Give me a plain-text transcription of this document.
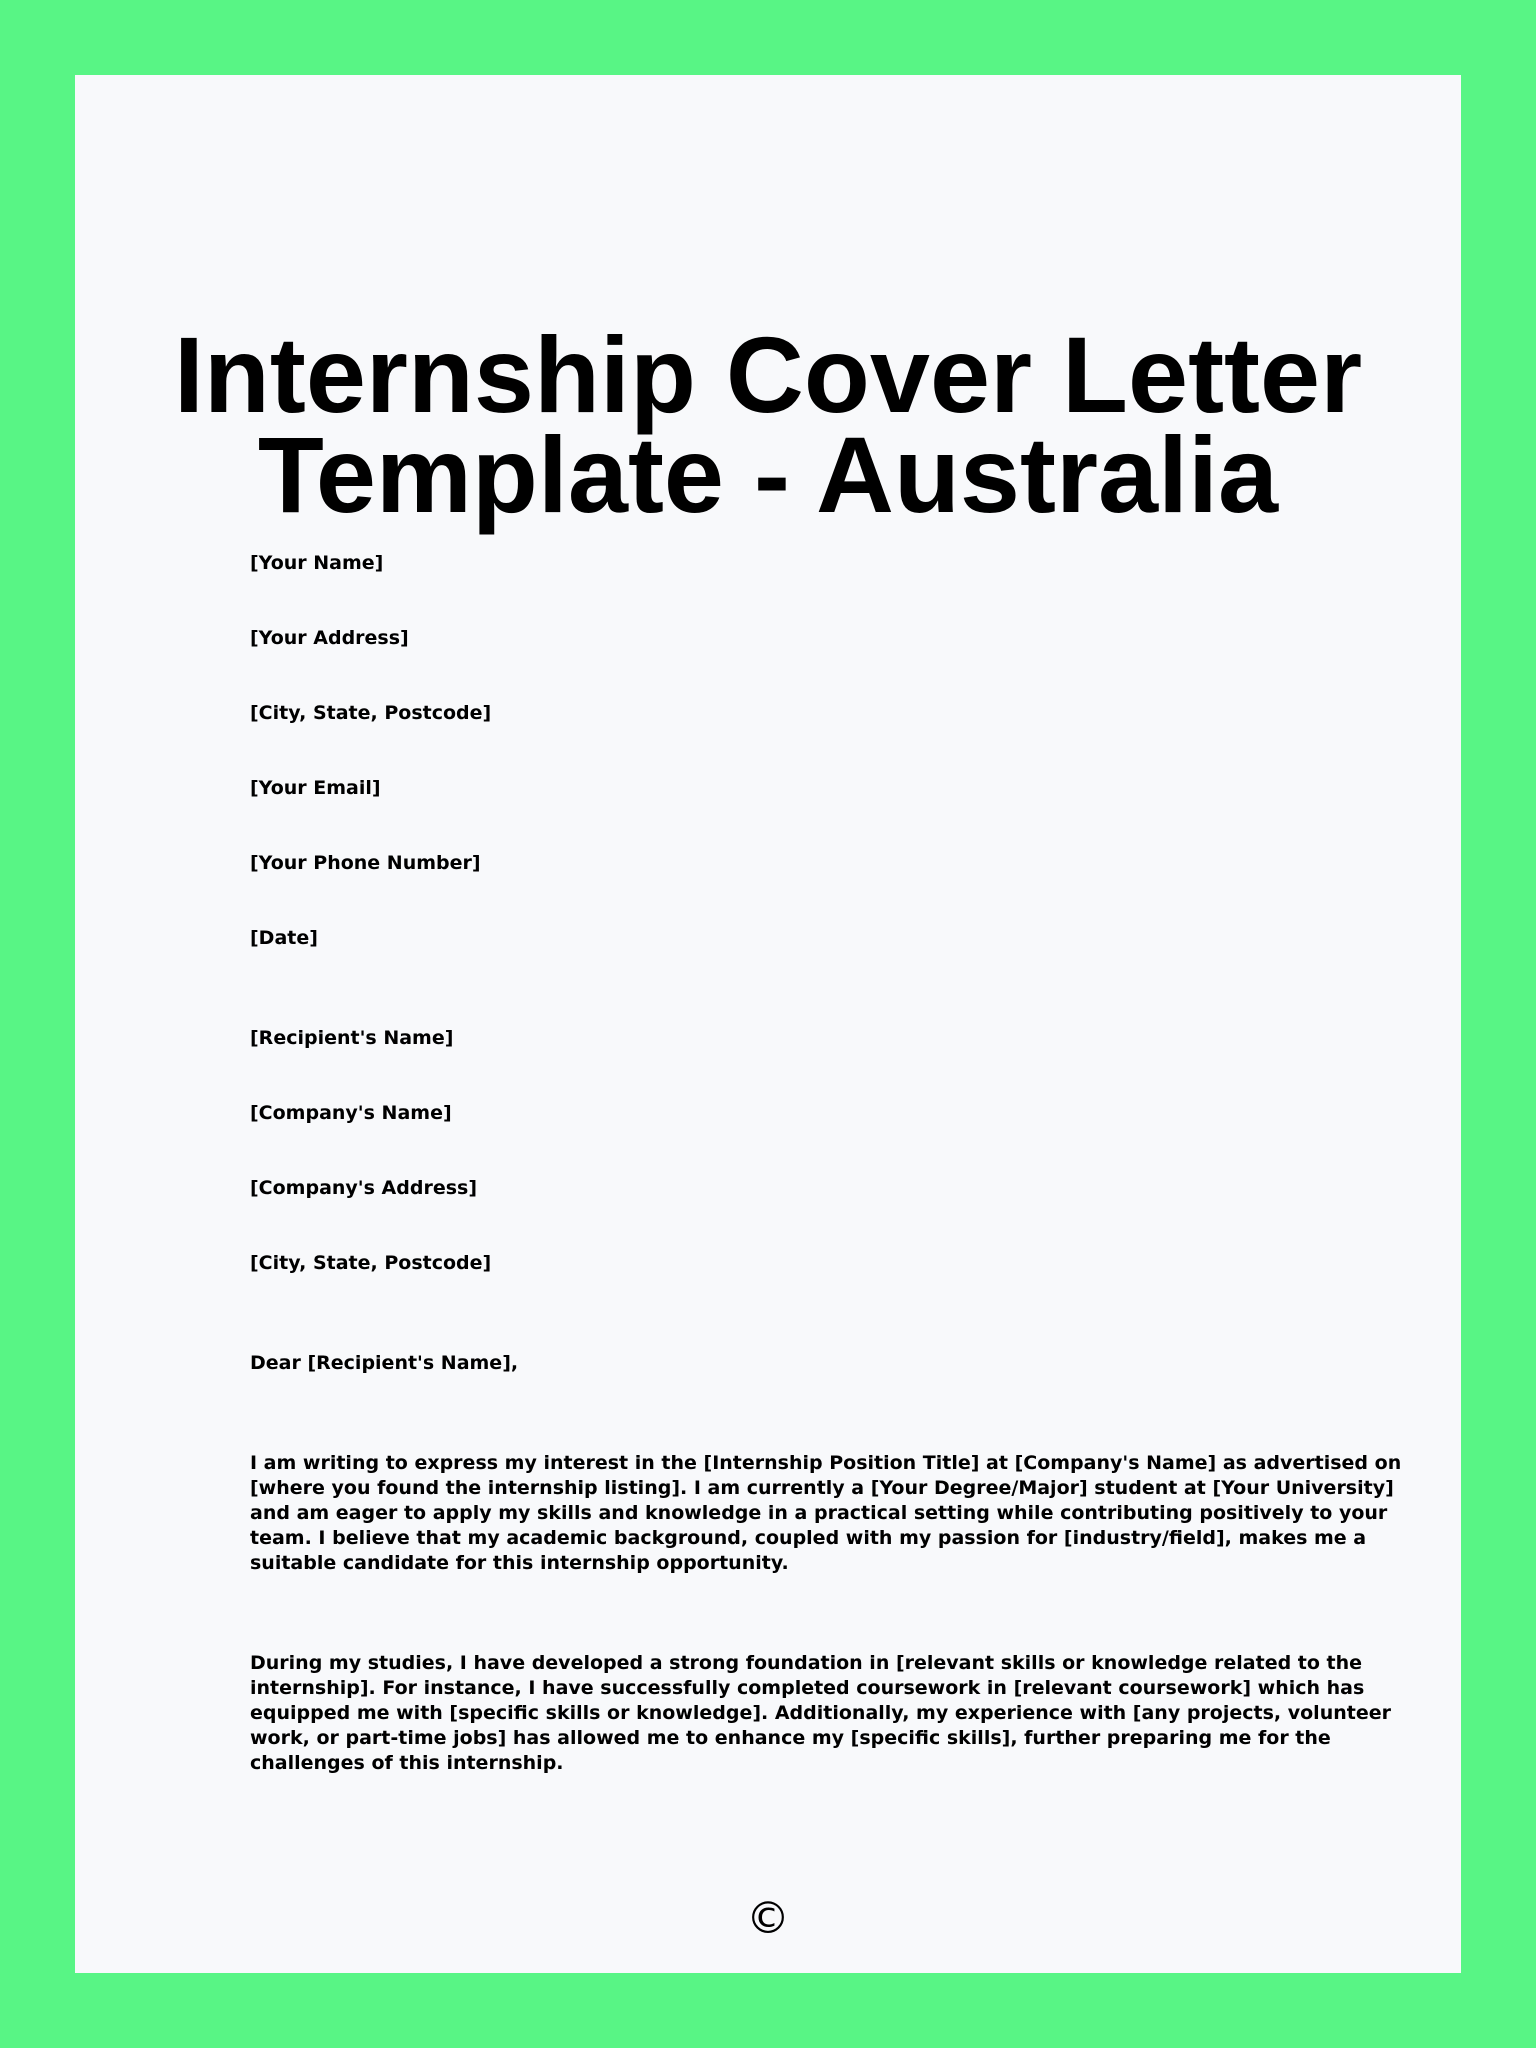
Internship Cover Letter
Template - Australia
[Your Name]
[Your Address]
[City, State, Postcode]
[Your Email]
[Your Phone Number]
[Date]
[Recipient's Name]
[Company's Name]
[Company's Address]
[City, State, Postcode]
Dear [Recipient's Name],
I am writing to express my interest in the [Internship Position Title] at [Company's Name] as advertised on
[where you found the internship listing]. I am currently a [Your Degree/Major] student at [Your University]
and am eager to apply my skills and knowledge in a practical setting while contributing positively to your
team. I believe that my academic background, coupled with my passion for [industry/field], makes me a
suitable candidate for this internship opportunity.
During my studies, I have developed a strong foundation in [relevant skills or knowledge related to the
internship]. For instance, I have successfully completed coursework in [relevant coursework] which has
equipped me with [specific skills or knowledge]. Additionally, my experience with [any projects, volunteer
work, or part-time jobs] has allowed me to enhance my [specific skills], further preparing me for the
challenges of this internship.
©
